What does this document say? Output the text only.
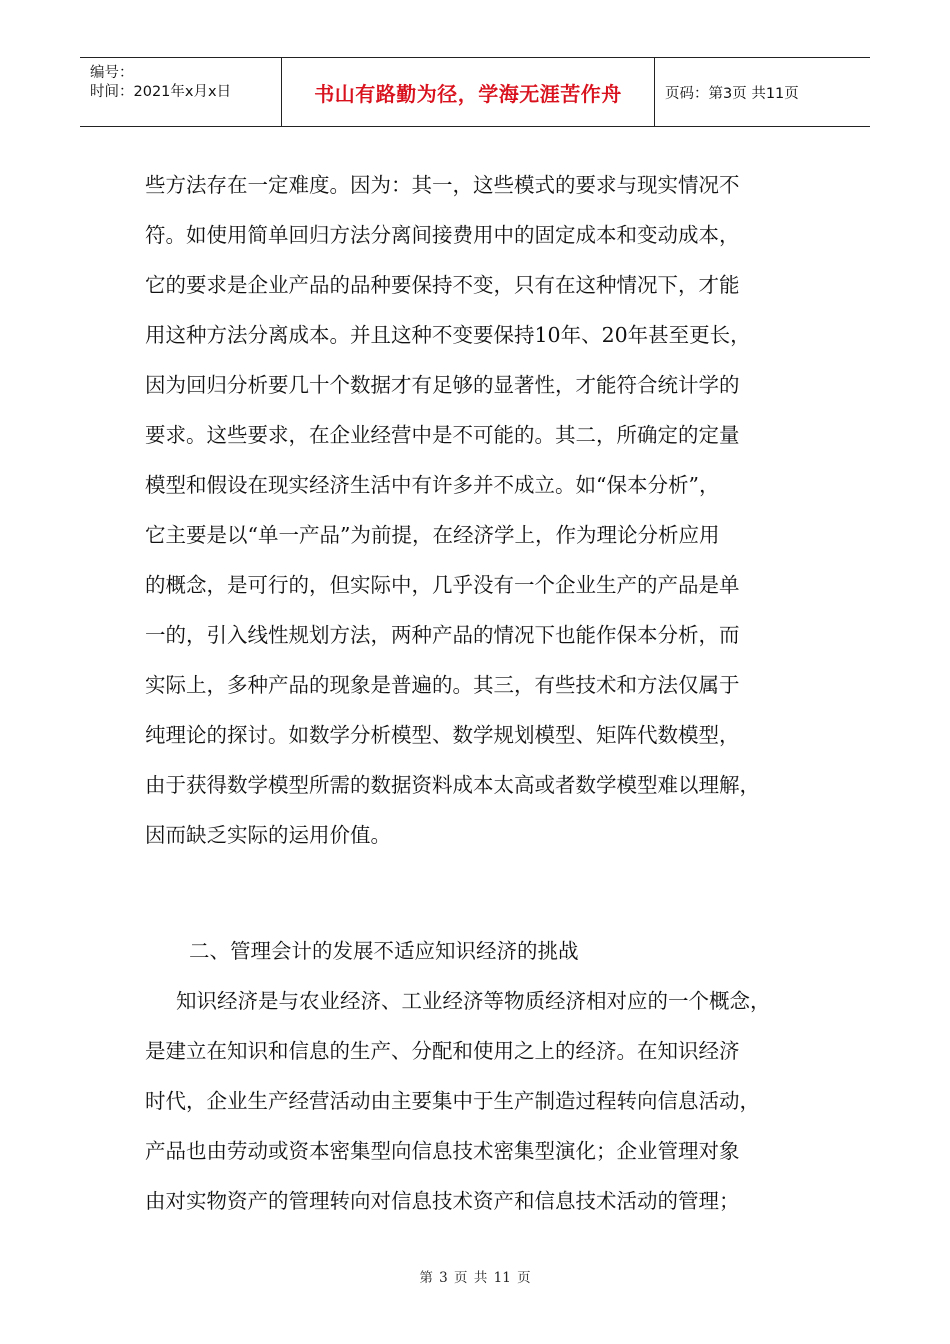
编号：
时间：2021年x月x日	书山有路勤为径，学海无涯苦作舟	页码：第3页 共11页
些方法存在一定难度。因为：其一，这些模式的要求与现实情况不
符。如使用简单回归方法分离间接费用中的固定成本和变动成本，
它的要求是企业产品的品种要保持不变，只有在这种情况下，才能
用这种方法分离成本。并且这种不变要保持10年、20年甚至更长，
因为回归分析要几十个数据才有足够的显著性，才能符合统计学的
要求。这些要求，在企业经营中是不可能的。其二，所确定的定量
模型和假设在现实经济生活中有许多并不成立。如“保本分析”，
它主要是以“单一产品”为前提，在经济学上，作为理论分析应用
的概念，是可行的，但实际中，几乎没有一个企业生产的产品是单
一的，引入线性规划方法，两种产品的情况下也能作保本分析，而
实际上，多种产品的现象是普遍的。其三，有些技术和方法仅属于
纯理论的探讨。如数学分析模型、数学规划模型、矩阵代数模型，
由于获得数学模型所需的数据资料成本太高或者数学模型难以理解，
因而缺乏实际的运用价值。
二、管理会计的发展不适应知识经济的挑战
知识经济是与农业经济、工业经济等物质经济相对应的一个概念，
是建立在知识和信息的生产、分配和使用之上的经济。在知识经济
时代，企业生产经营活动由主要集中于生产制造过程转向信息活动，
产品也由劳动或资本密集型向信息技术密集型演化；企业管理对象
由对实物资产的管理转向对信息技术资产和信息技术活动的管理；
第 3 页 共 11 页
